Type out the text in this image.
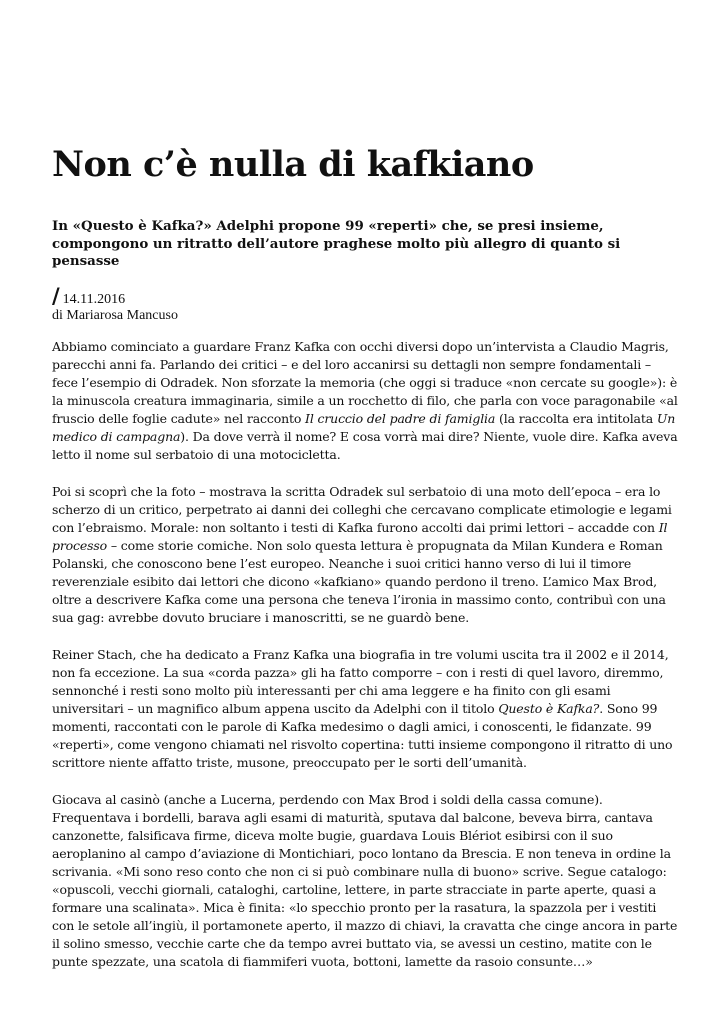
Non c’è nulla di kafkiano
In «Questo è Kafka?» Adelphi propone 99 «reperti» che, se presi insieme,
compongono un ritratto dell’autore praghese molto più allegro di quanto si
pensasse
/ 14.11.2016
di Mariarosa Mancuso

Abbiamo cominciato a guardare Franz Kafka con occhi diversi dopo un’intervista a Claudio Magris,
parecchi anni fa. Parlando dei critici – e del loro accanirsi su dettagli non sempre fondamentali –
fece l’esempio di Odradek. Non sforzate la memoria (che oggi si traduce «non cercate su google»): è
la minuscola creatura immaginaria, simile a un rocchetto di filo, che parla con voce paragonabile «al
fruscio delle foglie cadute» nel racconto Il cruccio del padre di famiglia (la raccolta era intitolata Un
medico di campagna). Da dove verrà il nome? E cosa vorrà mai dire? Niente, vuole dire. Kafka aveva
letto il nome sul serbatoio di una motocicletta.

Poi si scoprì che la foto – mostrava la scritta Odradek sul serbatoio di una moto dell’epoca – era lo
scherzo di un critico, perpetrato ai danni dei colleghi che cercavano complicate etimologie e legami
con l’ebraismo. Morale: non soltanto i testi di Kafka furono accolti dai primi lettori – accadde con Il
processo – come storie comiche. Non solo questa lettura è propugnata da Milan Kundera e Roman
Polanski, che conoscono bene l’est europeo. Neanche i suoi critici hanno verso di lui il timore
reverenziale esibito dai lettori che dicono «kafkiano» quando perdono il treno. L’amico Max Brod,
oltre a descrivere Kafka come una persona che teneva l’ironia in massimo conto, contribuì con una
sua gag: avrebbe dovuto bruciare i manoscritti, se ne guardò bene.

Reiner Stach, che ha dedicato a Franz Kafka una biografia in tre volumi uscita tra il 2002 e il 2014,
non fa eccezione. La sua «corda pazza» gli ha fatto comporre – con i resti di quel lavoro, diremmo,
sennonché i resti sono molto più interessanti per chi ama leggere e ha finito con gli esami
universitari – un magnifico album appena uscito da Adelphi con il titolo Questo è Kafka?. Sono 99
momenti, raccontati con le parole di Kafka medesimo o dagli amici, i conoscenti, le fidanzate. 99
«reperti», come vengono chiamati nel risvolto copertina: tutti insieme compongono il ritratto di uno
scrittore niente affatto triste, musone, preoccupato per le sorti dell’umanità.

Giocava al casinò (anche a Lucerna, perdendo con Max Brod i soldi della cassa comune).
Frequentava i bordelli, barava agli esami di maturità, sputava dal balcone, beveva birra, cantava
canzonette, falsificava firme, diceva molte bugie, guardava Louis Blériot esibirsi con il suo
aeroplanino al campo d’aviazione di Montichiari, poco lontano da Brescia. E non teneva in ordine la
scrivania. «Mi sono reso conto che non ci si può combinare nulla di buono» scrive. Segue catalogo:
«opuscoli, vecchi giornali, cataloghi, cartoline, lettere, in parte stracciate in parte aperte, quasi a
formare una scalinata». Mica è finita: «lo specchio pronto per la rasatura, la spazzola per i vestiti
con le setole all’ingiù, il portamonete aperto, il mazzo di chiavi, la cravatta che cinge ancora in parte
il solino smesso, vecchie carte che da tempo avrei buttato via, se avessi un cestino, matite con le
punte spezzate, una scatola di fiammiferi vuota, bottoni, lamette da rasoio consunte…»
